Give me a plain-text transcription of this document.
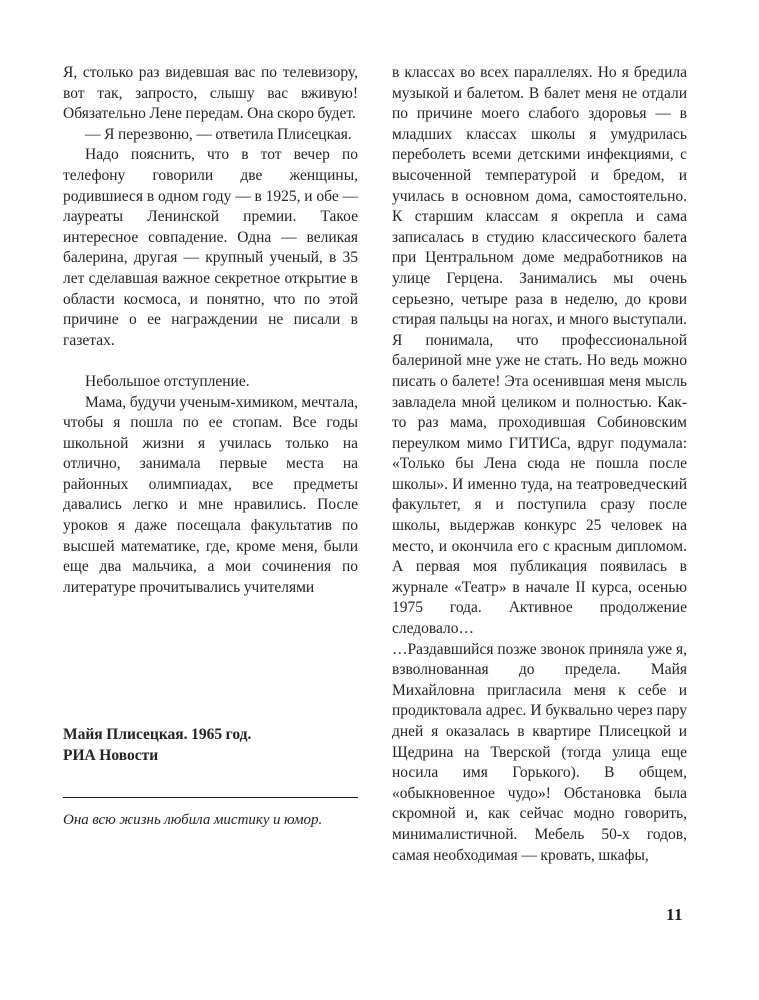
Я, столько раз видевшая вас по телевизору, вот так, запросто, слышу вас вживую! Обязательно Лене передам. Она скоро будет.

— Я перезвоню, — ответила Плисецкая.

Надо пояснить, что в тот вечер по телефону говорили две женщины, родившиеся в одном году — в 1925, и обе — лауреаты Ленинской премии. Такое интересное совпадение. Одна — великая балерина, другая — крупный ученый, в 35 лет сделавшая важное секретное открытие в области космоса, и понятно, что по этой причине о ее награждении не писали в газетах.

Небольшое отступление.

Мама, будучи ученым-химиком, мечтала, чтобы я пошла по ее стопам. Все годы школьной жизни я училась только на отлично, занимала первые места на районных олимпиадах, все предметы давались легко и мне нравились. После уроков я даже посещала факультатив по высшей математике, где, кроме меня, были еще два мальчика, а мои сочинения по литературе прочитывались учителями

Майя Плисецкая. 1965 год.
РИА Новости

Она всю жизнь любила мистику и юмор.

в классах во всех параллелях. Но я бредила музыкой и балетом. В балет меня не отдали по причине моего слабого здоровья — в младших классах школы я умудрилась переболеть всеми детскими инфекциями, с высоченной температурой и бредом, и училась в основном дома, самостоятельно. К старшим классам я окрепла и сама записалась в студию классического балета при Центральном доме медработников на улице Герцена. Занимались мы очень серьезно, четыре раза в неделю, до крови стирая пальцы на ногах, и много выступали. Я понимала, что профессиональной балериной мне уже не стать. Но ведь можно писать о балете! Эта осенившая меня мысль завладела мной целиком и полностью. Как-то раз мама, проходившая Собиновским переулком мимо ГИТИСа, вдруг подумала: «Только бы Лена сюда не пошла после школы». И именно туда, на театроведческий факультет, я и поступила сразу после школы, выдержав конкурс 25 человек на место, и окончила его с красным дипломом. А первая моя публикация появилась в журнале «Театр» в начале II курса, осенью 1975 года. Активное продолжение следовало…

…Раздавшийся позже звонок приняла уже я, взволнованная до предела. Майя Михайловна пригласила меня к себе и продиктовала адрес. И буквально через пару дней я оказалась в квартире Плисецкой и Щедрина на Тверской (тогда улица еще носила имя Горького). В общем, «обыкновенное чудо»! Обстановка была скромной и, как сейчас модно говорить, минималистичной. Мебель 50-х годов, самая необходимая — кровать, шкафы,

11
